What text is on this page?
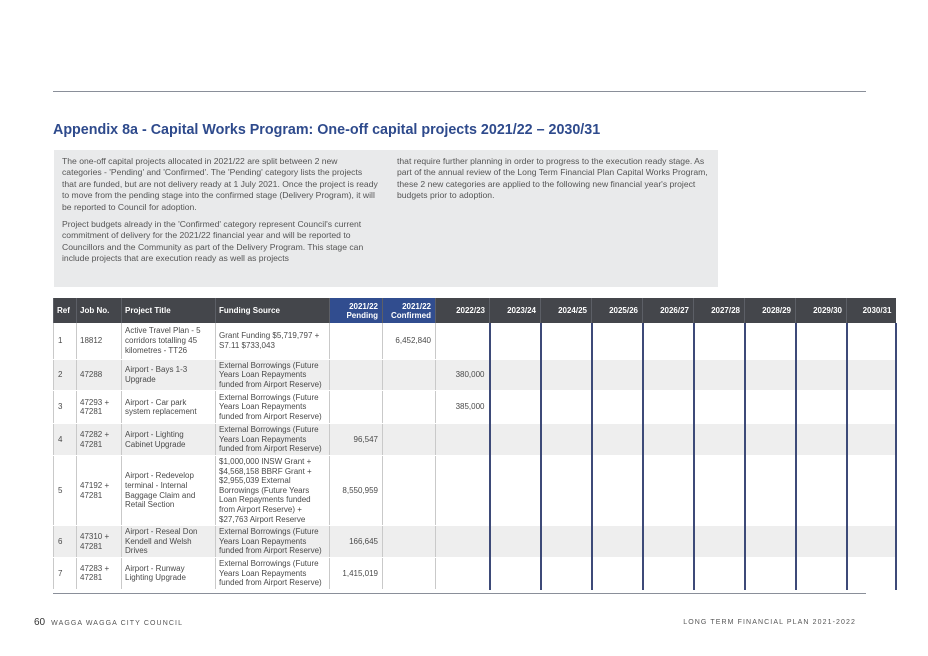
Appendix 8a - Capital Works Program: One-off capital projects 2021/22 – 2030/31

The one-off capital projects allocated in 2021/22 are split between 2 new categories - 'Pending' and 'Confirmed'. The 'Pending' category lists the projects that are funded, but are not delivery ready at 1 July 2021. Once the project is ready to move from the pending stage into the confirmed stage (Delivery Program), it will be reported to Council for adoption.

Project budgets already in the 'Confirmed' category represent Council's current commitment of delivery for the 2021/22 financial year and will be reported to Councillors and the Community as part of the Delivery Program. This stage can include projects that are execution ready as well as projects

that require further planning in order to progress to the execution ready stage. As part of the annual review of the Long Term Financial Plan Capital Works Program, these 2 new categories are applied to the following new financial year's project budgets prior to adoption.

Ref	Job No.	Project Title	Funding Source	2021/22 Pending	2021/22 Confirmed	2022/23	2023/24	2024/25	2025/26	2026/27	2027/28	2028/29	2029/30	2030/31
1	18812	Active Travel Plan - 5 corridors totalling 45 kilometres - TT26	Grant Funding $5,719,797 + S7.11 $733,043		6,452,840									
2	47288	Airport - Bays 1-3 Upgrade	External Borrowings (Future Years Loan Repayments funded from Airport Reserve)			380,000								
3	47293 + 47281	Airport - Car park system replacement	External Borrowings (Future Years Loan Repayments funded from Airport Reserve)			385,000								
4	47282 + 47281	Airport - Lighting Cabinet Upgrade	External Borrowings (Future Years Loan Repayments funded from Airport Reserve)	96,547										
5	47192 + 47281	Airport - Redevelop terminal - Internal Baggage Claim and Retail Section	$1,000,000 INSW Grant + $4,568,158 BBRF Grant + $2,955,039 External Borrowings (Future Years Loan Repayments funded from Airport Reserve) + $27,763 Airport Reserve	8,550,959										
6	47310 + 47281	Airport - Reseal Don Kendell and Welsh Drives	External Borrowings (Future Years Loan Repayments funded from Airport Reserve)	166,645										
7	47283 + 47281	Airport - Runway Lighting Upgrade	External Borrowings (Future Years Loan Repayments funded from Airport Reserve)	1,415,019										
60 WAGGA WAGGA CITY COUNCIL	LONG TERM FINANCIAL PLAN 2021-2022
